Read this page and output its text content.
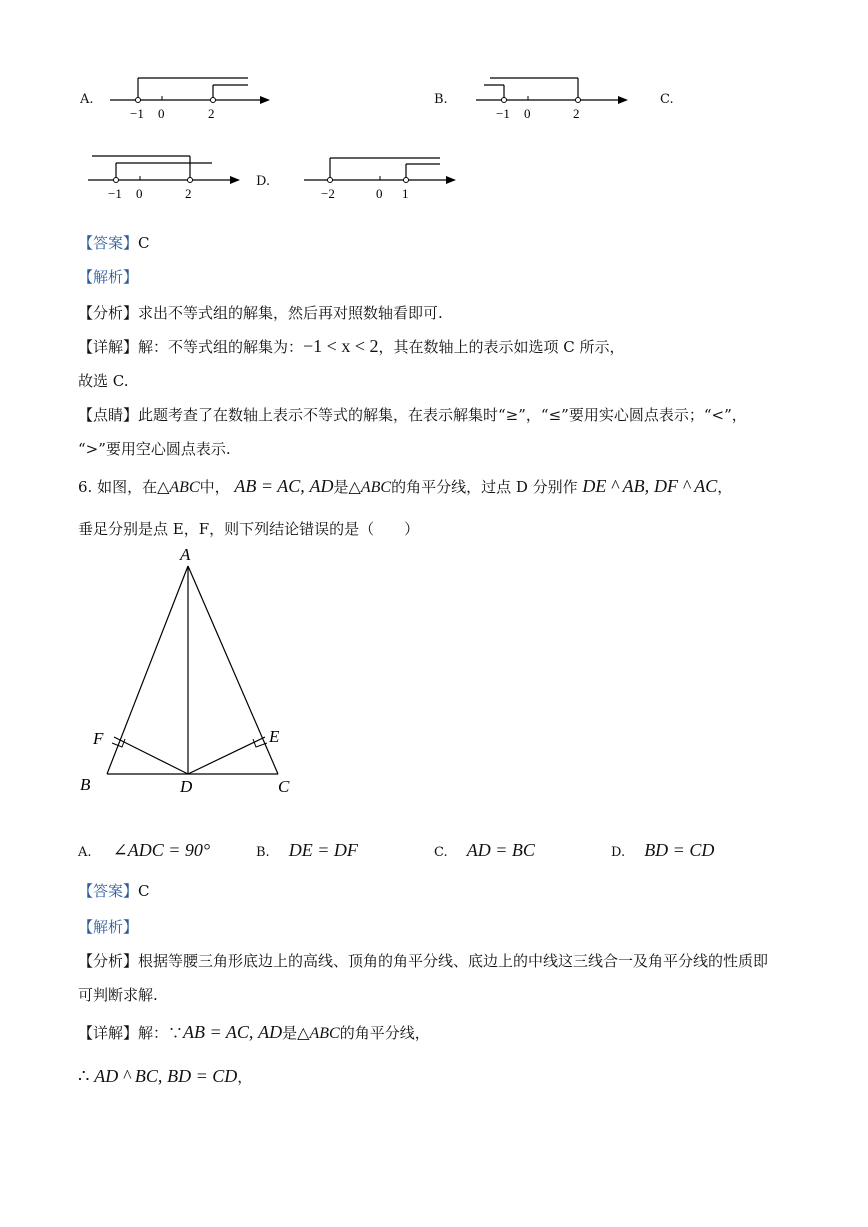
A.
−1 0	2
B.
−1 0	2
C.
−1 0	2
D.
−2	0 1
【答案】C
【解析】
【分析】求出不等式组的解集，然后再对照数轴看即可.
【详解】解：不等式组的解集为：−1 < x < 2，其在数轴上的表示如选项 C 所示，
故选 C.
【点睛】此题考查了在数轴上表示不等式的解集，在表示解集时“≥”，“≤”要用实心圆点表示；“<”，
“>”要用空心圆点表示.
6. 如图，在△ABC中， AB = AC, AD是△ABC的角平分线，过点 D 分别作 DE ^ AB, DF ^ AC，
垂足分别是点 E，F，则下列结论错误的是（　　）
A
B	C
D
E
F
A. ∠ADC = 90°	B. DE = DF	C. AD = BC	D. BD = CD
【答案】C
【解析】
【分析】根据等腰三角形底边上的高线、顶角的角平分线、底边上的中线这三线合一及角平分线的性质即
可判断求解.
【详解】解：∵AB = AC, AD是△ABC的角平分线，
∴ AD ^ BC, BD = CD，
